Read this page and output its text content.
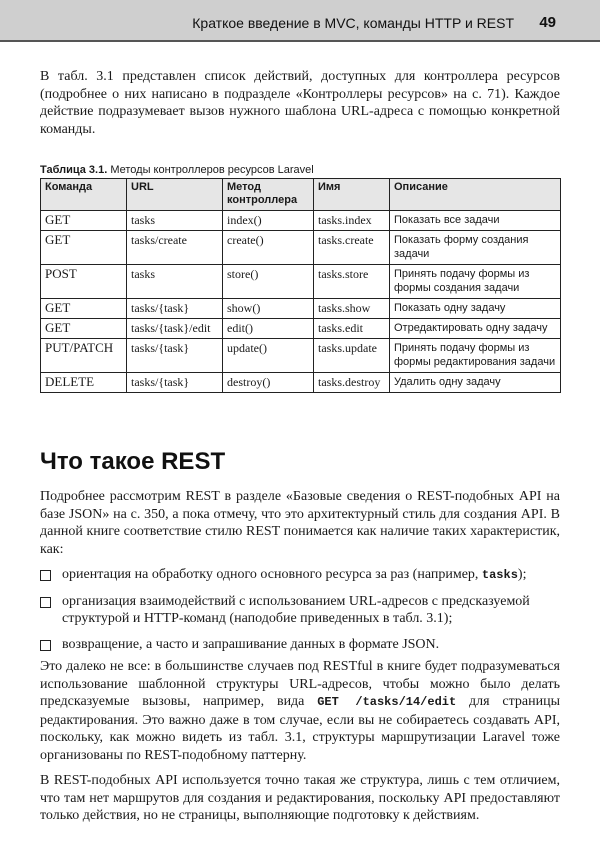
Краткое введение в MVC, команды HTTP и REST 49

В табл. 3.1 представлен список действий, доступных для контроллера ресурсов (подробнее о них написано в подразделе «Контроллеры ресурсов» на с. 71). Каждое действие подразумевает вызов нужного шаблона URL-адреса с помощью конкретной команды.

Таблица 3.1. Методы контроллеров ресурсов Laravel
Команда	URL	Метод контроллера	Имя	Описание
GET	tasks	index()	tasks.index	Показать все задачи
GET	tasks/create	create()	tasks.create	Показать форму создания задачи
POST	tasks	store()	tasks.store	Принять подачу формы из формы создания задачи
GET	tasks/{task}	show()	tasks.show	Показать одну задачу
GET	tasks/{task}/edit	edit()	tasks.edit	Отредактировать одну задачу
PUT/PATCH	tasks/{task}	update()	tasks.update	Принять подачу формы из формы редактирования задачи
DELETE	tasks/{task}	destroy()	tasks.destroy	Удалить одну задачу
Что такое REST

Подробнее рассмотрим REST в разделе «Базовые сведения о REST-подобных API на базе JSON» на с. 350, а пока отмечу, что это архитектурный стиль для создания API. В данной книге соответствие стилю REST понимается как наличие таких характеристик, как:

ориентация на обработку одного основного ресурса за раз (например, tasks);
организация взаимодействий с использованием URL-адресов с предсказуемой структурой и HTTP-команд (наподобие приведенных в табл. 3.1);
возвращение, а часто и запрашивание данных в формате JSON.

Это далеко не все: в большинстве случаев под RESTful в книге будет подразумеваться использование шаблонной структуры URL-адресов, чтобы можно было делать предсказуемые вызовы, например, вида GET /tasks/14/edit для страницы редактирования. Это важно даже в том случае, если вы не собираетесь создавать API, поскольку, как можно видеть из табл. 3.1, структуры маршрутизации Laravel тоже организованы по REST-подобному паттерну.

В REST-подобных API используется точно такая же структура, лишь с тем отличием, что там нет маршрутов для создания и редактирования, поскольку API предоставляют только действия, но не страницы, выполняющие подготовку к действиям.
